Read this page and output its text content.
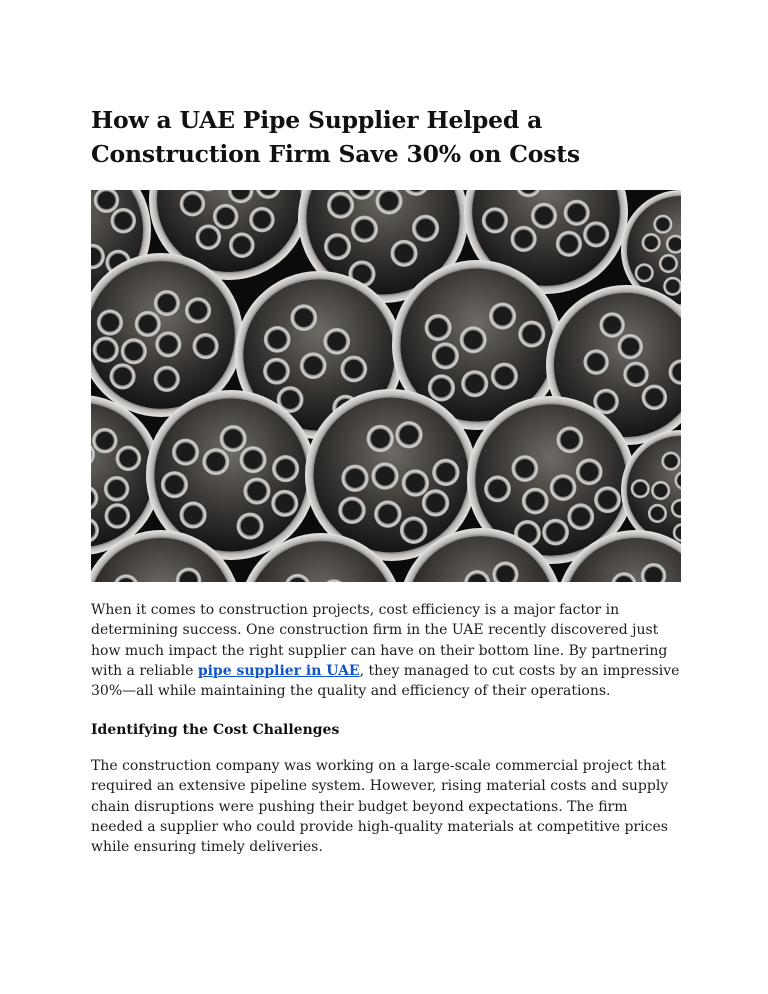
How a UAE Pipe Supplier Helped a Construction Firm Save 30% on Costs

When it comes to construction projects, cost efficiency is a major factor in determining success. One construction firm in the UAE recently discovered just how much impact the right supplier can have on their bottom line. By partnering with a reliable pipe supplier in UAE, they managed to cut costs by an impressive 30%—all while maintaining the quality and efficiency of their operations.

Identifying the Cost Challenges

The construction company was working on a large-scale commercial project that required an extensive pipeline system. However, rising material costs and supply chain disruptions were pushing their budget beyond expectations. The firm needed a supplier who could provide high-quality materials at competitive prices while ensuring timely deliveries.
